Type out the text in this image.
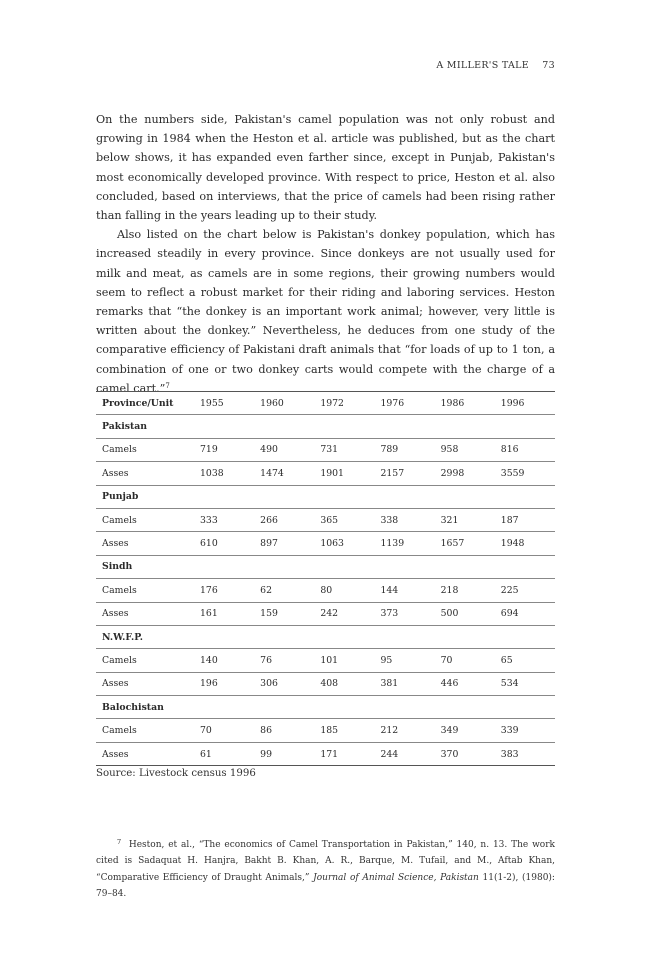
A MILLER'S TALE 73

On the numbers side, Pakistan's camel population was not only robust and growing in 1984 when the Heston et al. article was published, but as the chart below shows, it has expanded even farther since, except in Punjab, Pakistan's most economically developed province. With respect to price, Heston et al. also concluded, based on interviews, that the price of camels had been rising rather than falling in the years leading up to their study.

Also listed on the chart below is Pakistan's donkey population, which has increased steadily in every province. Since donkeys are not usually used for milk and meat, as camels are in some regions, their growing numbers would seem to reflect a robust market for their riding and laboring services. Heston remarks that “the donkey is an important work animal; however, very little is written about the donkey.” Nevertheless, he deduces from one study of the comparative efficiency of Pakistani draft animals that “for loads of up to 1 ton, a combination of one or two donkey carts would compete with the charge of a camel cart.”$^7$

Province/Unit	1955	1960	1972	1976	1986	1996
Pakistan						
Camels	719	490	731	789	958	816
Asses	1038	1474	1901	2157	2998	3559
Punjab						
Camels	333	266	365	338	321	187
Asses	610	897	1063	1139	1657	1948
Sindh						
Camels	176	62	80	144	218	225
Asses	161	159	242	373	500	694
N.W.F.P.						
Camels	140	76	101	95	70	65
Asses	196	306	408	381	446	534
Balochistan						
Camels	70	86	185	212	349	339
Asses	61	99	171	244	370	383
Source: Livestock census 1996

$^7$ Heston, et al., “The economics of Camel Transportation in Pakistan,” 140, n. 13. The work cited is Sadaquat H. Hanjra, Bakht B. Khan, A. R., Barque, M. Tufail, and M., Aftab Khan, “Comparative Efficiency of Draught Animals,” Journal of Animal Science, Pakistan 11(1-2), (1980): 79–84.
